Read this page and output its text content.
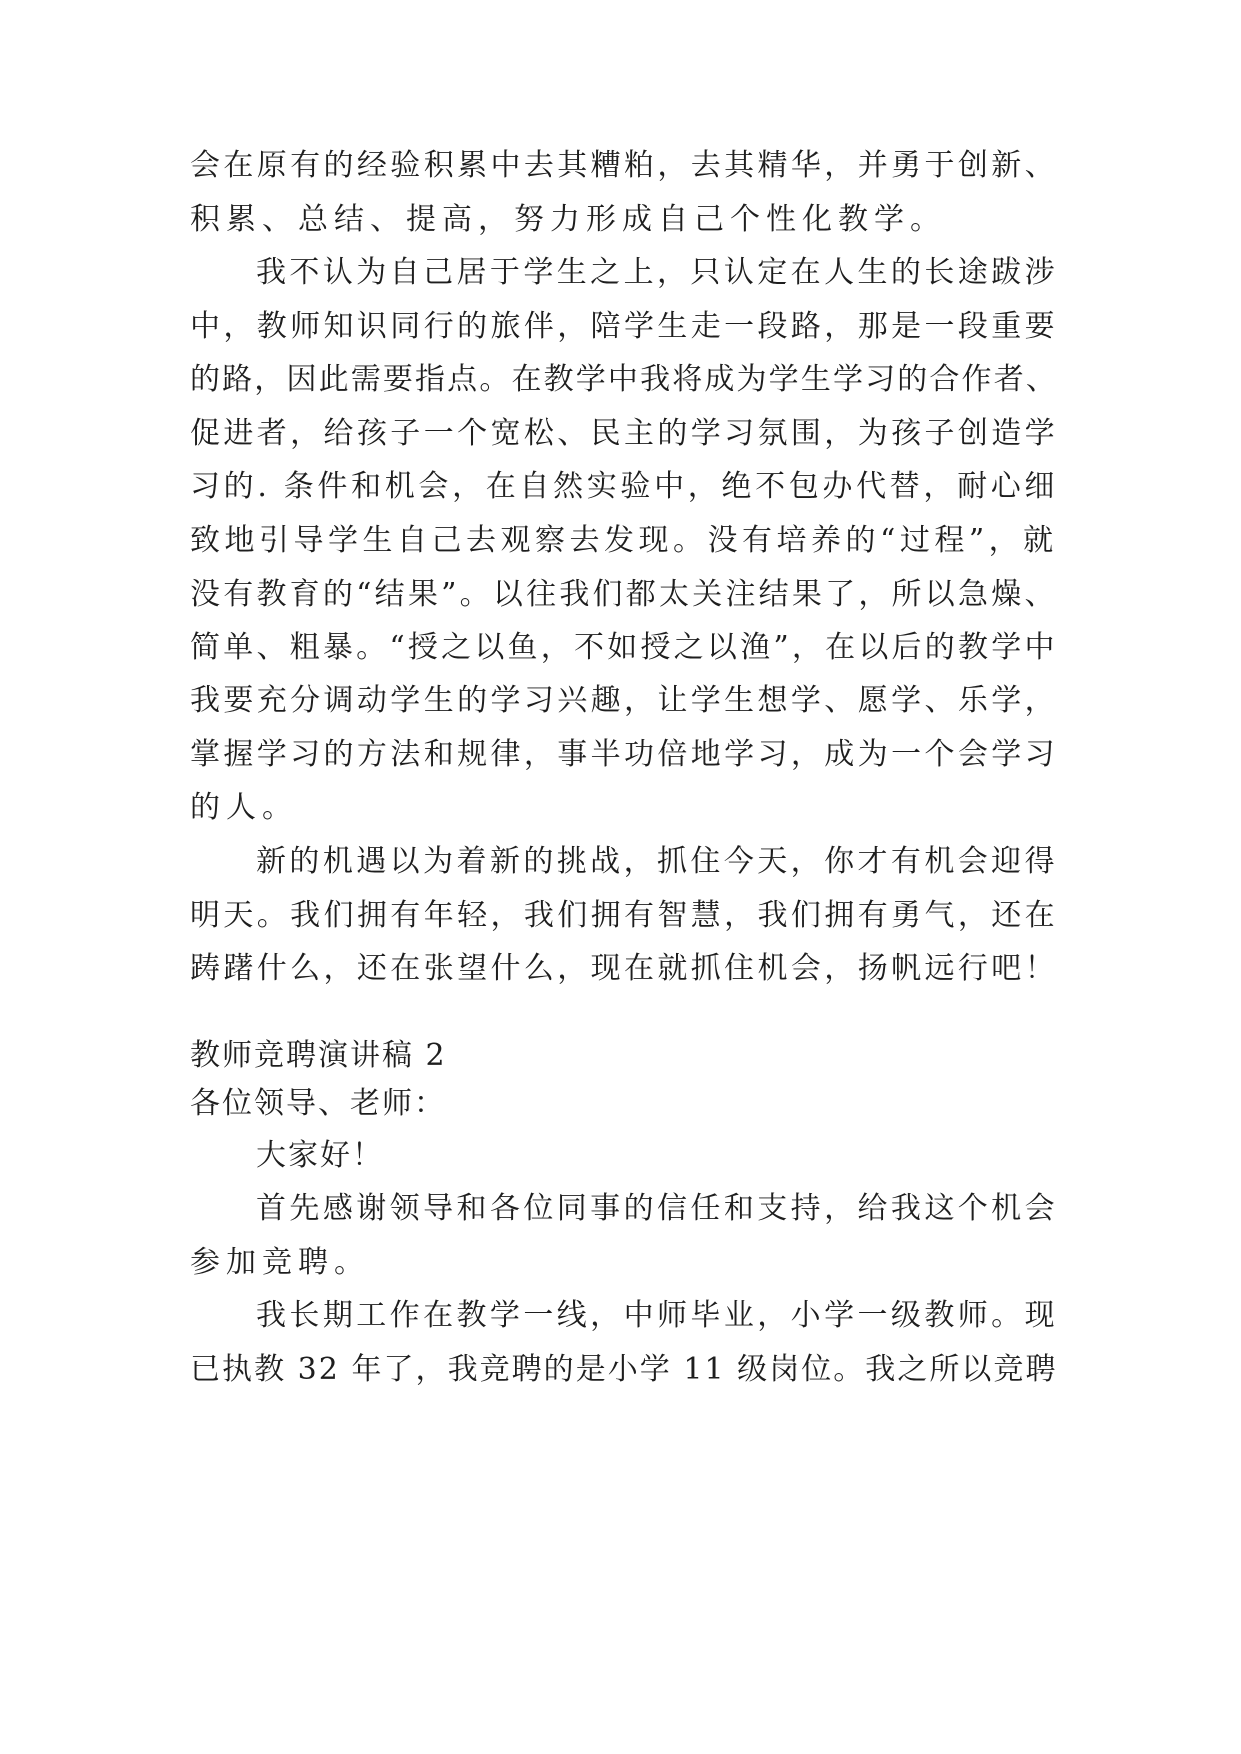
会在原有的经验积累中去其糟粕，去其精华，并勇于创新、
积累、总结、提高，努力形成自己个性化教学。
我不认为自己居于学生之上，只认定在人生的长途跋涉
中，教师知识同行的旅伴，陪学生走一段路，那是一段重要
的路，因此需要指点。在教学中我将成为学生学习的合作者、
促进者，给孩子一个宽松、民主的学习氛围，为孩子创造学
习的. 条件和机会，在自然实验中，绝不包办代替，耐心细
致地引导学生自己去观察去发现。没有培养的“过程”，就
没有教育的“结果”。以往我们都太关注结果了，所以急燥、
简单、粗暴。“授之以鱼，不如授之以渔”，在以后的教学中
我要充分调动学生的学习兴趣，让学生想学、愿学、乐学，
掌握学习的方法和规律，事半功倍地学习，成为一个会学习
的人。
新的机遇以为着新的挑战，抓住今天，你才有机会迎得
明天。我们拥有年轻，我们拥有智慧，我们拥有勇气，还在
踌躇什么，还在张望什么，现在就抓住机会，扬帆远行吧！
教师竞聘演讲稿 2
各位领导、老师：
大家好！
首先感谢领导和各位同事的信任和支持，给我这个机会
参加竞聘。
我长期工作在教学一线，中师毕业，小学一级教师。现
已执教 32 年了，我竞聘的是小学 11 级岗位。我之所以竞聘
